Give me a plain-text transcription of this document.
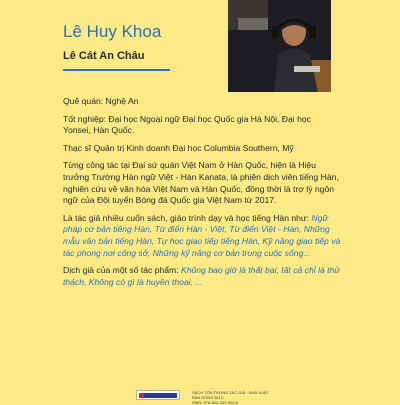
Lê Huy Khoa
Lê Cát An Châu

Quê quán: Nghệ An

Tốt nghiệp: Đại học Ngoại ngữ Đại học Quốc gia Hà Nội, Đại học Yonsei, Hàn Quốc.

Thạc sĩ Quản trị Kinh doanh Đại học Columbia Southern, Mỹ

Từng công tác tại Đại sứ quán Việt Nam ở Hàn Quốc, hiện là Hiệu trưởng Trường Hàn ngữ Việt - Hàn Kanata, là phiên dịch viên tiếng Hàn, nghiên cứu về văn hóa Việt Nam và Hàn Quốc, đồng thời là trợ lý ngôn ngữ của Đội tuyển Bóng đá Quốc gia Việt Nam từ 2017.

Là tác giả nhiều cuốn sách, giáo trình dạy và học tiếng Hàn như: Ngữ pháp cơ bản tiếng Hàn, Từ điển Hàn - Việt, Từ điển Việt - Hàn, Những mẫu văn bản tiếng Hàn, Tự học giao tiếp tiếng Hàn, Kỹ năng giao tiếp và tác phong nơi công sở, Những kỹ năng cơ bản trong cuộc sống...

Dịch giả của một số tác phẩm: Không bao giờ là thất bại, tất cả chỉ là thử thách, Không có gì là huyền thoại, ...

SÁCH TÔN TRỌNG TÁC GIẢ · NHÀ XUẤT BẢN HỒNG ĐỨC
ISBN: 978-604-333-904-8
